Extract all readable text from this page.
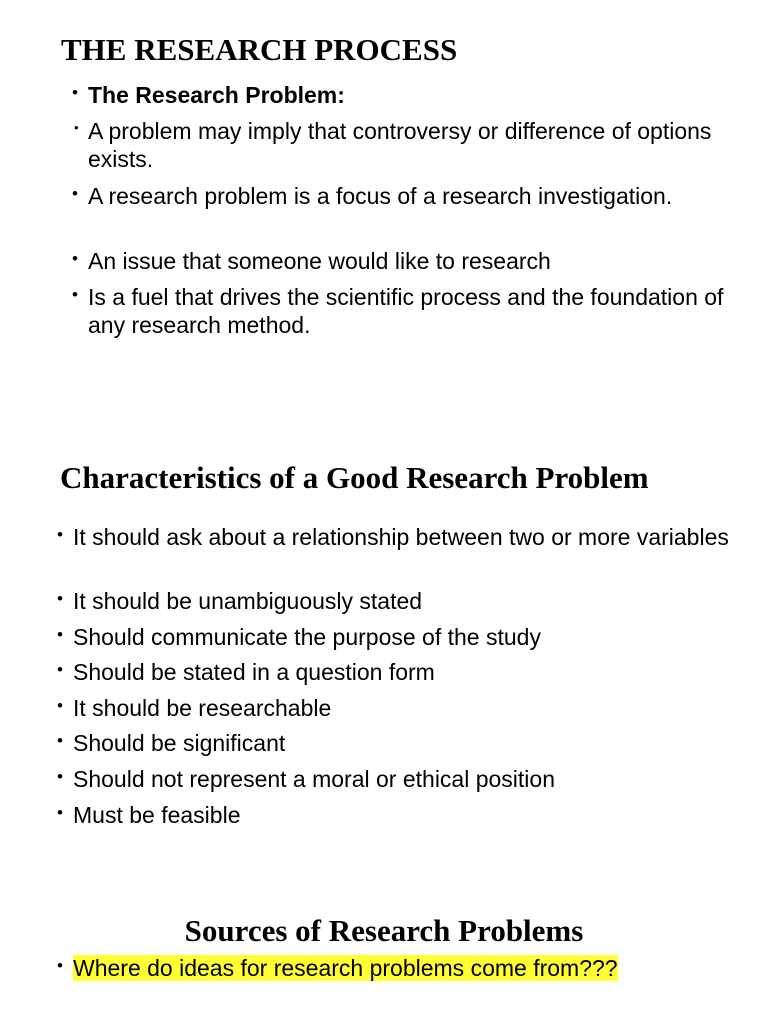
THE RESEARCH PROCESS
• The Research Problem:
• A problem may imply that controversy or difference of options exists.
• A research problem is a focus of a research investigation.
• An issue that someone would like to research
• Is a fuel that drives the scientific process and the foundation of any research method.
Characteristics of a Good Research Problem
• It should ask about a relationship between two or more variables
• It should be unambiguously stated
• Should communicate the purpose of the study
• Should be stated in a question form
• It should be researchable
• Should be significant
• Should not represent a moral or ethical position
• Must be feasible
Sources of Research Problems
• Where do ideas for research problems come from???
